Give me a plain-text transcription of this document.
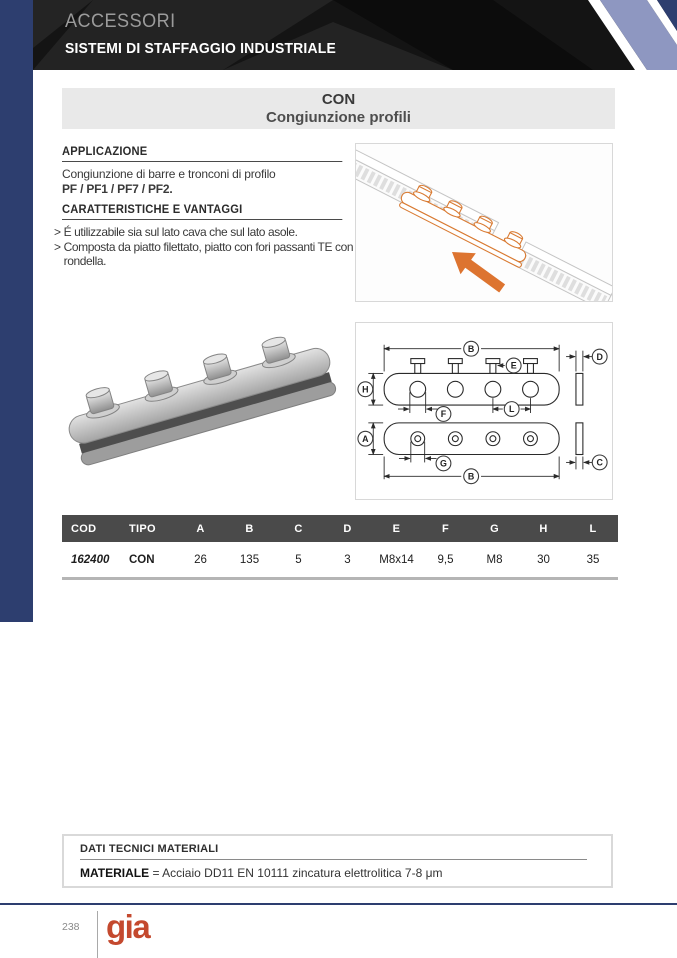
ACCESSORI
SISTEMI DI STAFFAGGIO INDUSTRIALE
CON
Congiunzione profili
APPLICAZIONE
Congiunzione di barre e tronconi di profilo
PF / PF1 / PF7 / PF2.
CARATTERISTICHE E VANTAGGI
> É utilizzabile sia sul lato cava che sul lato asole.
> Composta da piatto filettato, piatto con fori passanti TE con rondella.
B
E
H
F	L
D
A
G
B
C
COD	TIPO	A	B	C	D	E	F	G	H	L
162400	CON	26	135	5	3	M8x14	9,5	M8	30	35
DATI TECNICI MATERIALI
MATERIALE = Acciaio DD11 EN 10111 zincatura elettrolitica 7-8 μm
238 gia
